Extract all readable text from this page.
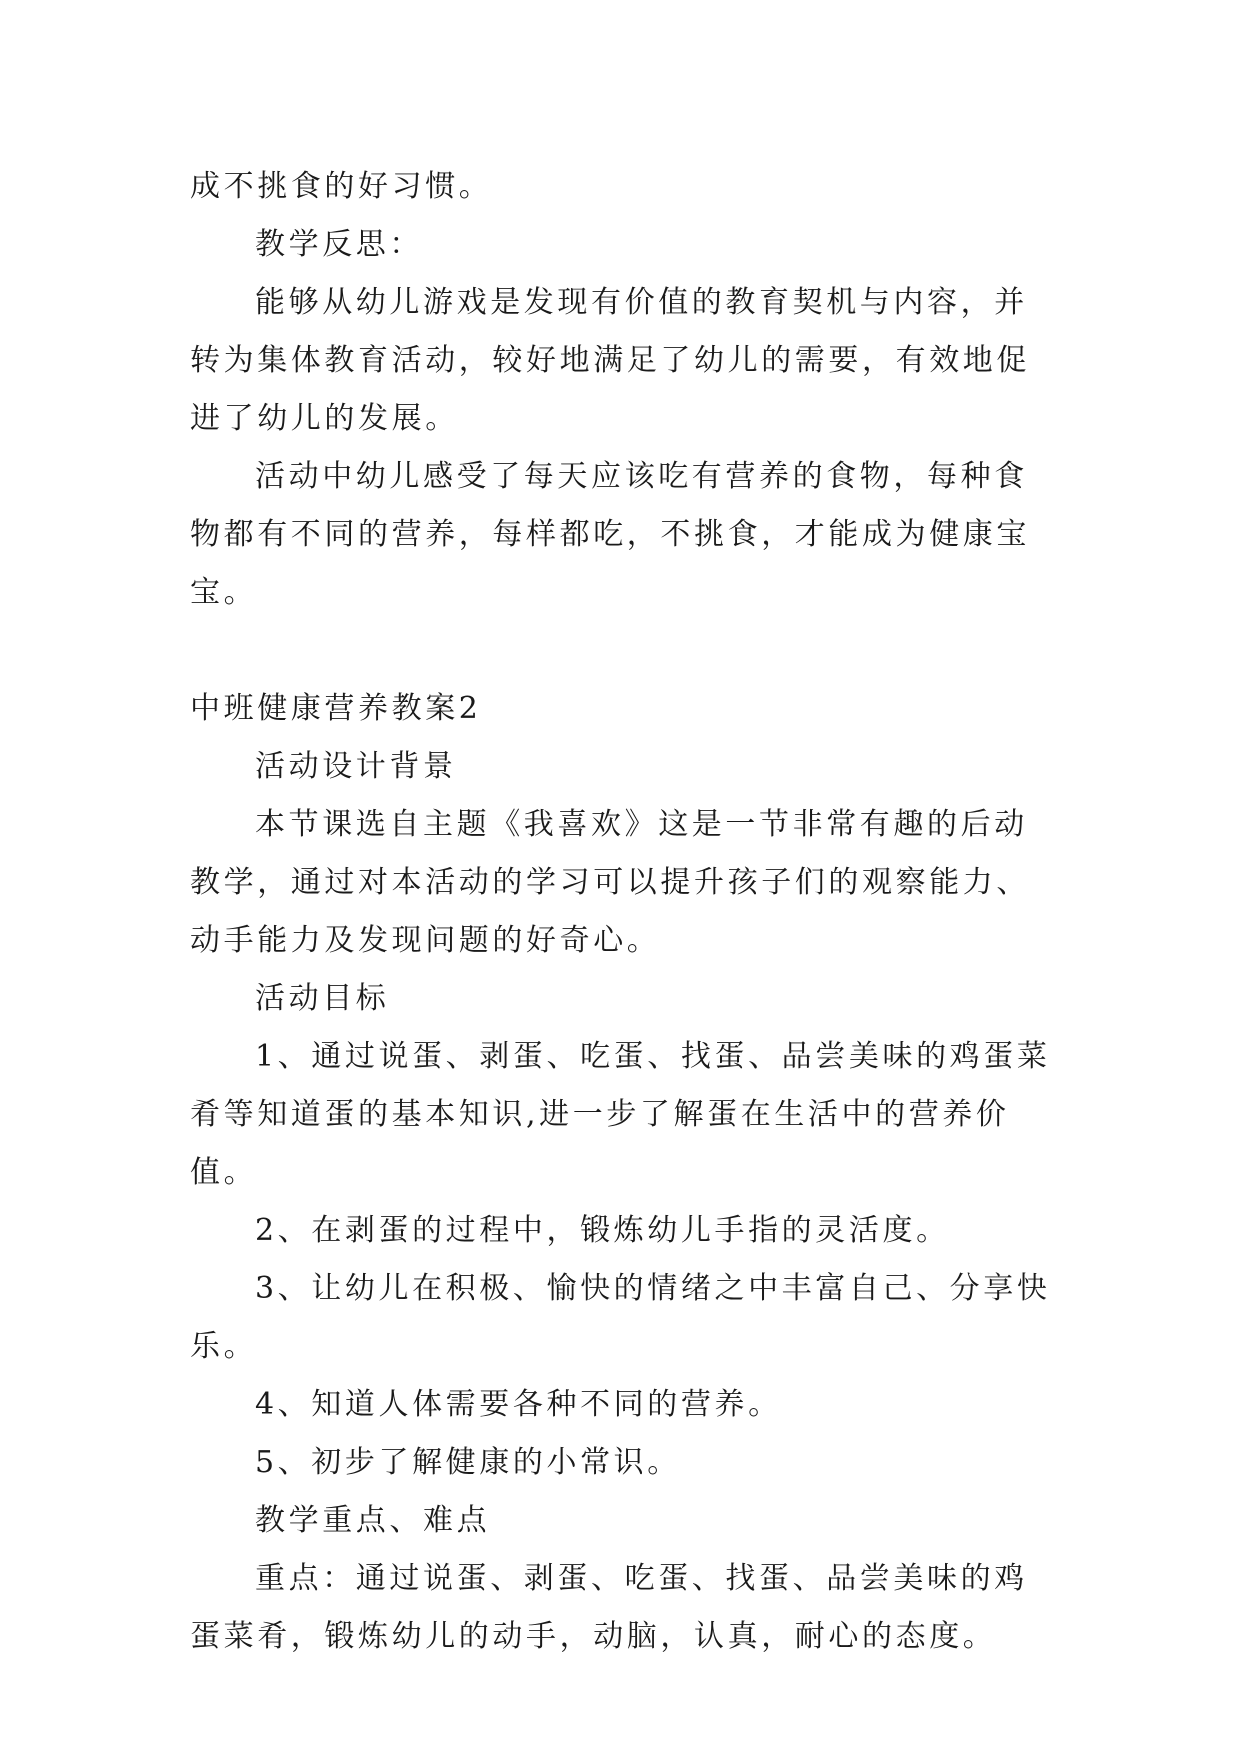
成不挑食的好习惯。

教学反思：

能够从幼儿游戏是发现有价值的教育契机与内容，并转为集体教育活动，较好地满足了幼儿的需要，有效地促进了幼儿的发展。

活动中幼儿感受了每天应该吃有营养的食物，每种食物都有不同的营养，每样都吃，不挑食，才能成为健康宝宝。

中班健康营养教案2

活动设计背景

本节课选自主题《我喜欢》这是一节非常有趣的后动教学，通过对本活动的学习可以提升孩子们的观察能力、动手能力及发现问题的好奇心。

活动目标

1、通过说蛋、剥蛋、吃蛋、找蛋、品尝美味的鸡蛋菜肴等知道蛋的基本知识,进一步了解蛋在生活中的营养价值。

2、在剥蛋的过程中，锻炼幼儿手指的灵活度。

3、让幼儿在积极、愉快的情绪之中丰富自己、分享快乐。

4、知道人体需要各种不同的营养。

5、初步了解健康的小常识。

教学重点、难点

重点：通过说蛋、剥蛋、吃蛋、找蛋、品尝美味的鸡蛋菜肴，锻炼幼儿的动手，动脑，认真，耐心的态度。
